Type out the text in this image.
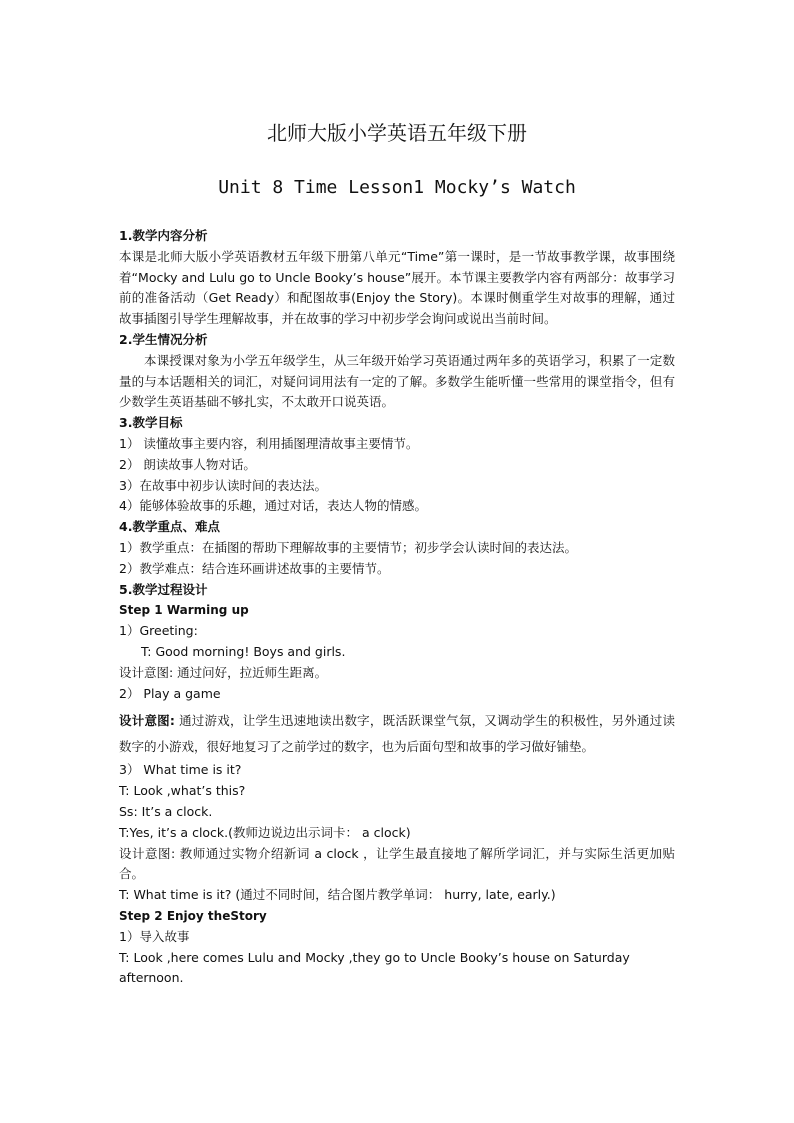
北师大版小学英语五年级下册
Unit 8 Time Lesson1 Mocky’s Watch

1.教学内容分析

本课是北师大版小学英语教材五年级下册第八单元“Time”第一课时，是一节故事教学课，故事围绕着“Mocky and Lulu go to Uncle Booky’s house”展开。本节课主要教学内容有两部分：故事学习前的准备活动（Get Ready）和配图故事(Enjoy the Story)。本课时侧重学生对故事的理解，通过故事插图引导学生理解故事，并在故事的学习中初步学会询问或说出当前时间。

2.学生情况分析

本课授课对象为小学五年级学生，从三年级开始学习英语通过两年多的英语学习，积累了一定数量的与本话题相关的词汇，对疑问词用法有一定的了解。多数学生能听懂一些常用的课堂指令，但有少数学生英语基础不够扎实，不太敢开口说英语。

3.教学目标

1） 读懂故事主要内容，利用插图理清故事主要情节。

2） 朗读故事人物对话。

3）在故事中初步认读时间的表达法。

4）能够体验故事的乐趣，通过对话，表达人物的情感。

4.教学重点、难点

1）教学重点：在插图的帮助下理解故事的主要情节；初步学会认读时间的表达法。

2）教学难点：结合连环画讲述故事的主要情节。

5.教学过程设计

Step 1 Warming up

1）Greeting:

T: Good morning! Boys and girls.

设计意图: 通过问好，拉近师生距离。

2） Play a game

设计意图: 通过游戏，让学生迅速地读出数字，既活跃课堂气氛，又调动学生的积极性，另外通过读数字的小游戏，很好地复习了之前学过的数字，也为后面句型和故事的学习做好铺垫。

3） What time is it?

T: Look ,what’s this?

Ss: It’s a clock.

T:Yes, it’s a clock.(教师边说边出示词卡： a clock)

设计意图: 教师通过实物介绍新词 a clock ，让学生最直接地了解所学词汇，并与实际生活更加贴合。

T: What time is it? (通过不同时间，结合图片教学单词： hurry, late, early.)

Step 2 Enjoy theStory

1）导入故事

T: Look ,here comes Lulu and Mocky ,they go to Uncle Booky’s house on Saturday afternoon.
